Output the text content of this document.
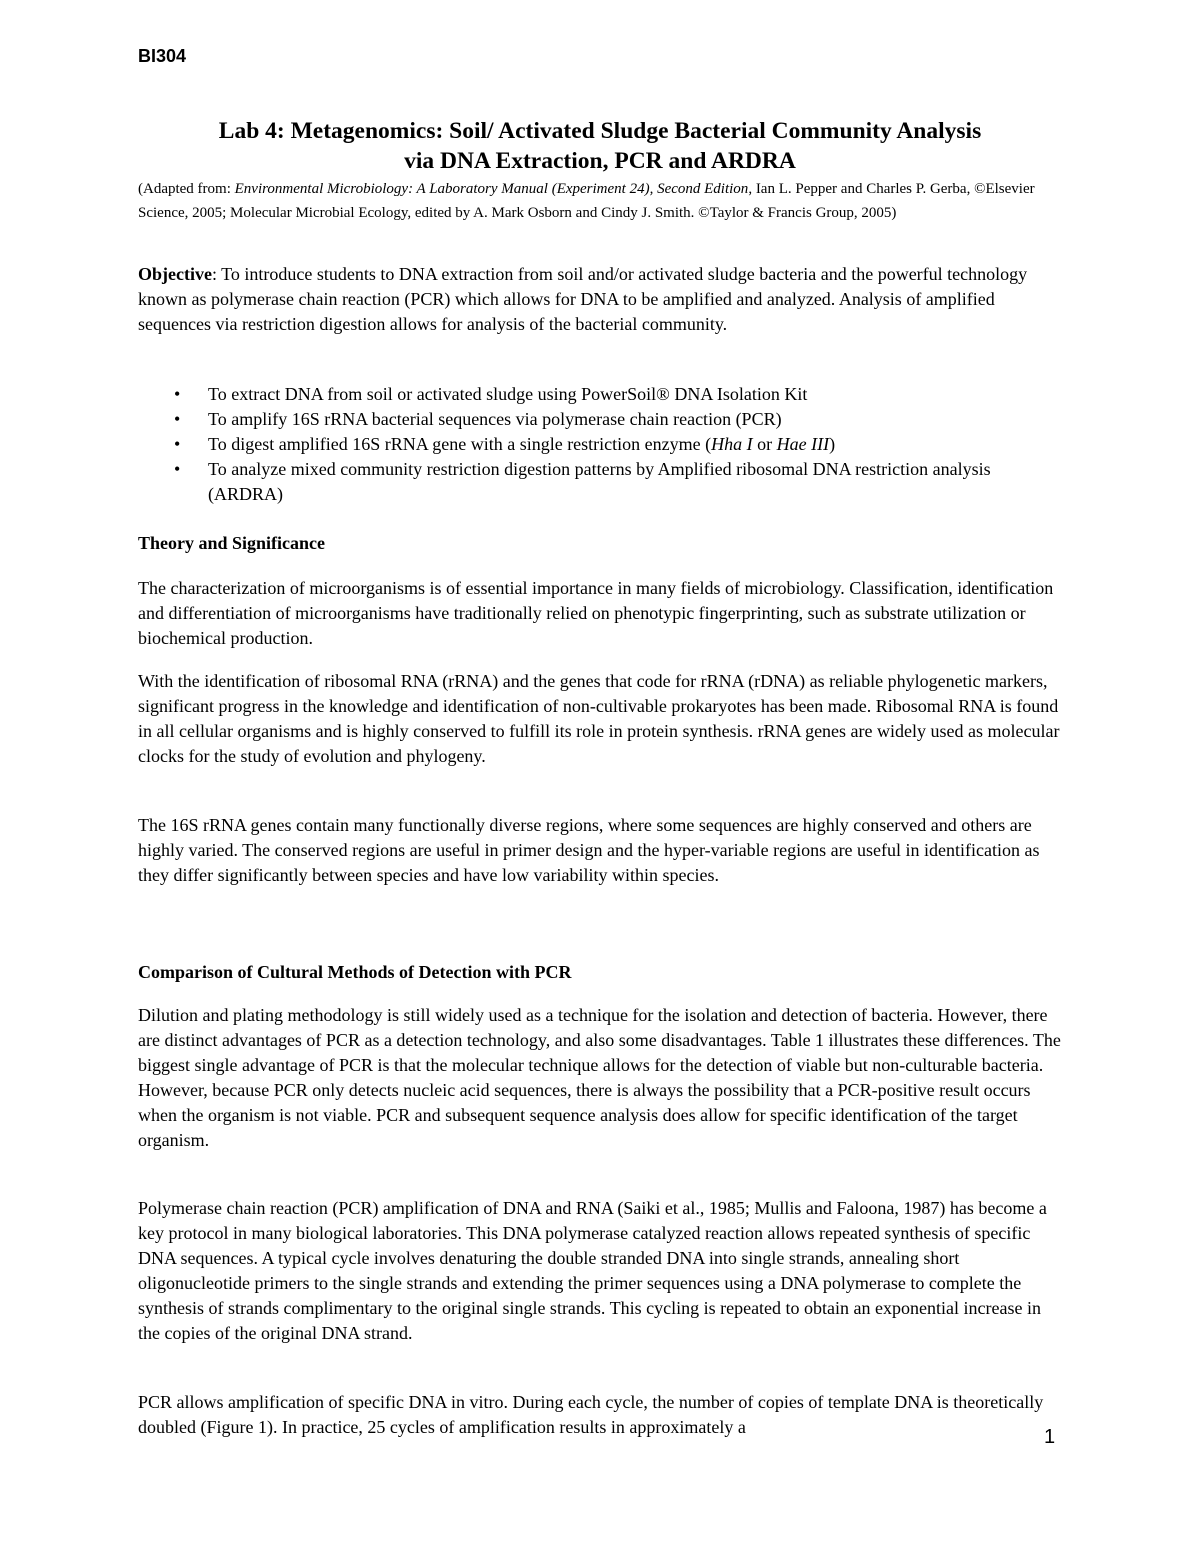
BI304
Lab 4: Metagenomics: Soil/ Activated Sludge Bacterial Community Analysis
via DNA Extraction, PCR and ARDRA
(Adapted from: Environmental Microbiology: A Laboratory Manual (Experiment 24), Second Edition, Ian L. Pepper and Charles P. Gerba, ©Elsevier Science, 2005; Molecular Microbial Ecology, edited by A. Mark Osborn and Cindy J. Smith. ©Taylor & Francis Group, 2005)
Objective: To introduce students to DNA extraction from soil and/or activated sludge bacteria and the powerful technology known as polymerase chain reaction (PCR) which allows for DNA to be amplified and analyzed. Analysis of amplified sequences via restriction digestion allows for analysis of the bacterial community.
• To extract DNA from soil or activated sludge using PowerSoil® DNA Isolation Kit
• To amplify 16S rRNA bacterial sequences via polymerase chain reaction (PCR)
• To digest amplified 16S rRNA gene with a single restriction enzyme (Hha I or Hae III)
• To analyze mixed community restriction digestion patterns by Amplified ribosomal DNA restriction analysis (ARDRA)
Theory and Significance
The characterization of microorganisms is of essential importance in many fields of microbiology. Classification, identification and differentiation of microorganisms have traditionally relied on phenotypic fingerprinting, such as substrate utilization or biochemical production.
With the identification of ribosomal RNA (rRNA) and the genes that code for rRNA (rDNA) as reliable phylogenetic markers, significant progress in the knowledge and identification of non-cultivable prokaryotes has been made. Ribosomal RNA is found in all cellular organisms and is highly conserved to fulfill its role in protein synthesis. rRNA genes are widely used as molecular clocks for the study of evolution and phylogeny.
The 16S rRNA genes contain many functionally diverse regions, where some sequences are highly conserved and others are highly varied. The conserved regions are useful in primer design and the hyper-variable regions are useful in identification as they differ significantly between species and have low variability within species.
Comparison of Cultural Methods of Detection with PCR
Dilution and plating methodology is still widely used as a technique for the isolation and detection of bacteria. However, there are distinct advantages of PCR as a detection technology, and also some disadvantages. Table 1 illustrates these differences. The biggest single advantage of PCR is that the molecular technique allows for the detection of viable but non-culturable bacteria. However, because PCR only detects nucleic acid sequences, there is always the possibility that a PCR-positive result occurs when the organism is not viable. PCR and subsequent sequence analysis does allow for specific identification of the target organism.
Polymerase chain reaction (PCR) amplification of DNA and RNA (Saiki et al., 1985; Mullis and Faloona, 1987) has become a key protocol in many biological laboratories. This DNA polymerase catalyzed reaction allows repeated synthesis of specific DNA sequences. A typical cycle involves denaturing the double stranded DNA into single strands, annealing short oligonucleotide primers to the single strands and extending the primer sequences using a DNA polymerase to complete the synthesis of strands complimentary to the original single strands. This cycling is repeated to obtain an exponential increase in the copies of the original DNA strand.
PCR allows amplification of specific DNA in vitro. During each cycle, the number of copies of template DNA is theoretically doubled (Figure 1). In practice, 25 cycles of amplification results in approximately a	1
